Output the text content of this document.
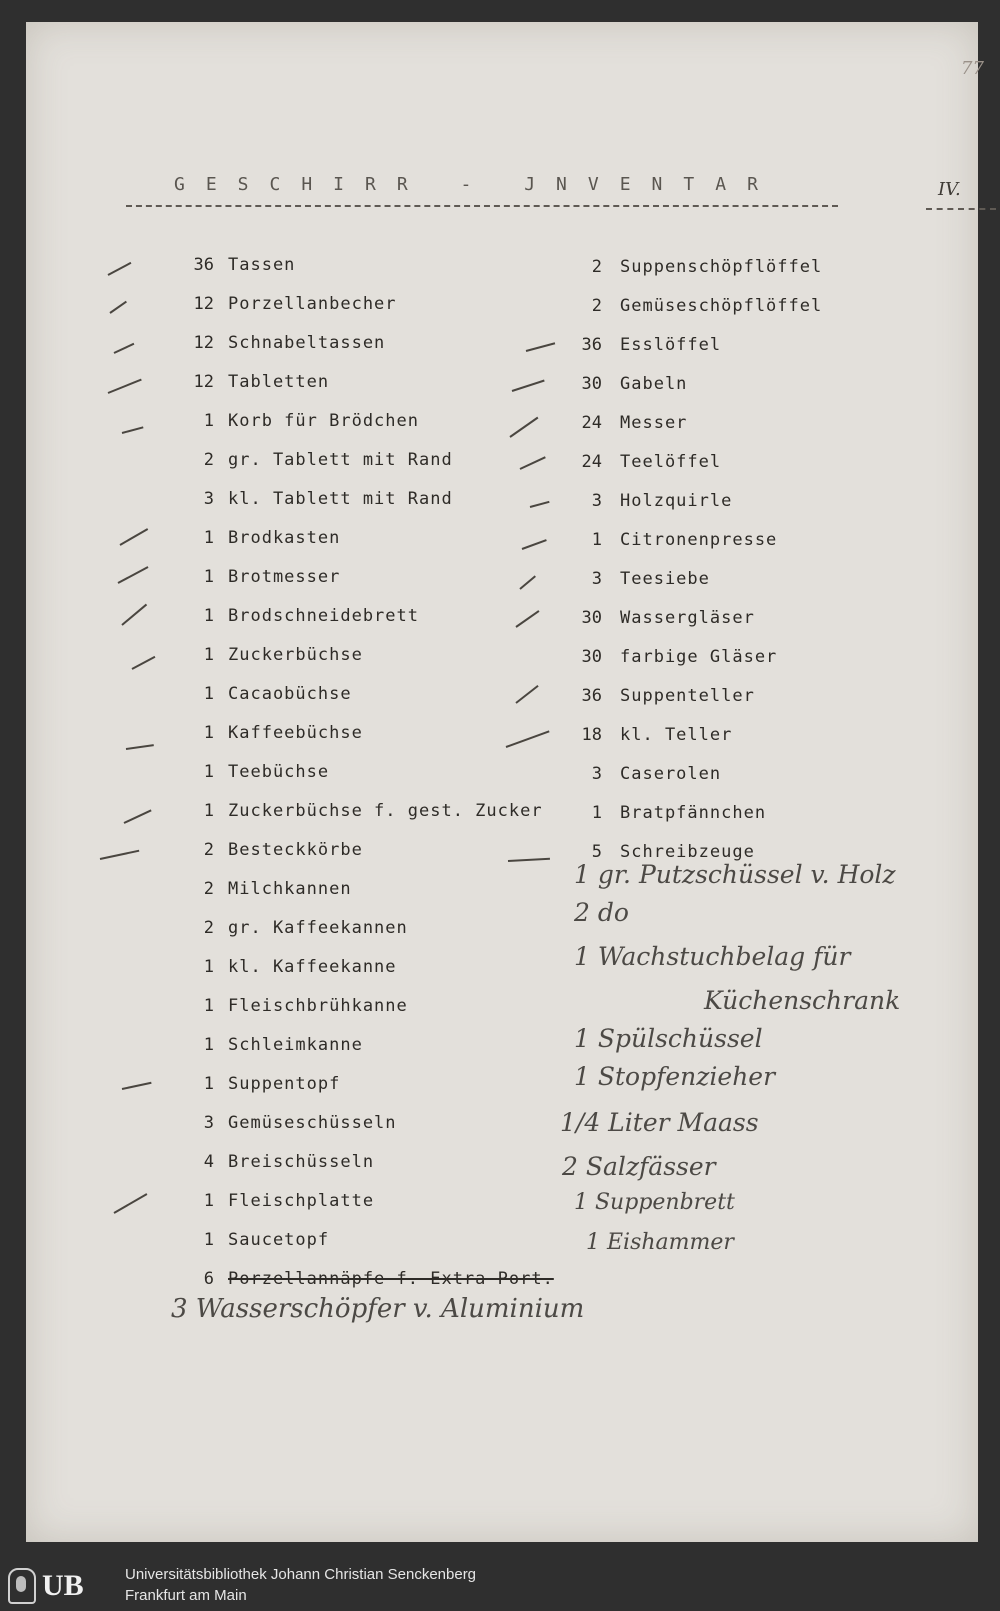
77
GESCHIRR - JNVENTAR	IV.
36 Tassen
12 Porzellanbecher
12 Schnabeltassen
12 Tabletten
1 Korb für Brödchen
2 gr. Tablett mit Rand
3 kl. Tablett mit Rand
1 Brodkasten
1 Brotmesser
1 Brodschneidebrett
1 Zuckerbüchse
1 Cacaobüchse
1 Kaffeebüchse
1 Teebüchse
1 Zuckerbüchse f. gest. Zucker
2 Besteckkörbe
2 Milchkannen
2 gr. Kaffeekannen
1 kl. Kaffeekanne
1 Fleischbrühkanne
1 Schleimkanne
1 Suppentopf
3 Gemüseschüsseln
4 Breischüsseln
1 Fleischplatte
1 Saucetopf
6 Porzellannäpfe f. Extra Port.
2 Suppenschöpflöffel
2 Gemüseschöpflöffel
36 Esslöffel
30 Gabeln
24 Messer
24 Teelöffel
3 Holzquirle
1 Citronenpresse
3 Teesiebe
30 Wassergläser
30 farbige Gläser
36 Suppenteller
18 kl. Teller
3 Caserolen
1 Bratpfännchen
5 Schreibzeuge
1 gr. Putzschüssel v. Holz
2 do
1 Wachstuchbelag für
Küchenschrank
1 Spülschüssel
1 Stopfenzieher
1/4 Liter Maass
2 Salzfässer
1 Suppenbrett
1 Eishammer
3 Wasserschöpfer v. Aluminium
UB	Universitätsbibliothek Johann Christian Senckenberg
Frankfurt am Main
